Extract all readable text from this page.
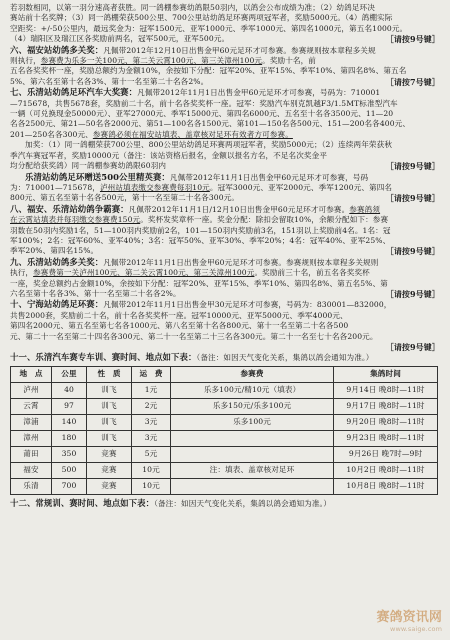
若羽数相同，以第一羽分速高者获胜。同一鸽棚参赛幼鸽限50羽内，以鸽会公布成绩为准；（2）幼鸽足环决

赛站前十名奖牌；（3）同一鸽棚荣获500公里、700公里站幼鸽足环赛两项冠军者，奖励5000元。（4）鸽棚实际

空距奖：+/-50公里内，最远奖金为：冠军1500元、亚军1000元、季军1000元、第四名1000元，第五名1000元。

（4）瑞阳区及瑞江区各奖励前两名，冠军500元，亚军500元。	［请按9号键］

六、福安站幼鸽多关奖：凡佩带2012年12月10日出售金甲60元足环才可参赛。参赛规则按本章程多关规

则执行，参赛费为乐多一关100元、第二关云霄100元、第三关漳州100元。奖励十名，前

五名各奖奖杯一座，奖励总额约为金额10%，余按如下分配：冠军20%、亚军15%、季军10%、第四名8%、第五名

5%、第六名至第十名各3%、第十一名至第二十名各2%。	［请按7号键］

七、乐清站幼鸽足环汽车大奖赛：凡佩带2012年11月1日出售金甲60元足环才可参赛，号码为：710001

—715678，共售5678套，奖励前二十名，前十名各奖奖杯一座。冠军：奖励汽车别克凯越F3/1.5MT标准型汽车

一辆（可兑换现金50000元）、亚军27000元、季军15000元、第四名6000元、五名至十名各3500元、11—20

名各2500元、第21—50名各2000元、第51—100名各1500元、第101—150名各500元、151—200名各400元、

201—250名各300元、参赛鸽必须在福安站填表、盖章核对足环有效者方可参赛。

加奖：（1）同一鸽棚荣获700公里、800公里站幼鸽足环赛两项冠军者，奖励5000元；（2）连续两年荣获秋

季汽车赛冠军者，奖励10000元（备注：该站资格后报名，金额以报名方名，不足名次奖金平

均分配给获奖鸽）同一鸽棚参赛幼鸽限60羽内	［请按9号键］

乐清站幼鸽足环赠送500公里精英赛：凡佩带2012年11月1日出售金甲60元足环才可参赛，号码

为：710001—715678，泸州站填表缴交参赛费每羽10元。冠军3000元、亚军2000元、季军1200元、第四名

800元、第五名至第十名各500元，第十一名至第二十名各300元。	［请按9号键］

八、福安、乐清站幼鸽争霸赛：凡佩带2012年11月1日/12月10日出售金甲60元足环才可参赛。参赛鸽须

在云霄站填表并每羽缴交参赛费150元。奖杯发奖章杯一座。奖金分配：除扣会留取10%，余额分配如下：参赛

羽数在50羽内奖励1名，51—100羽内奖励前2名，101—150羽内奖励前3名，151羽以上奖励前4名。1名：冠

军100%；2名：冠军60%、亚军40%；3名：冠军50%、亚军30%、季军20%；4名：冠军40%、亚军25%、

季军20%、第四名15%。	［请按9号键］

九、乐清站幼鸽多关奖：凡佩带2012年11月1日出售金甲60元足环才可参赛。参赛规则按本章程多关规则

执行，参赛费第一关泸州100元、第二关云霄100元、第三关漳州100元。奖励前三十名，前五名各奖奖杯

一座，奖金总额约占金额10%，余按如下分配：冠军20%、亚军15%、季军10%、第四名8%、第五名5%、第

六名至第十名各3%、第十一名至第二十名各2%。	［请按9号键］

十、宁海站幼鸽足环赛：凡佩带2012年11月1日出售金甲30元足环才可参赛，号码为：830001—832000，

共售2000套，奖励前二十名，前十名各奖奖杯一座。冠军10000元、亚军5000元、季军4000元、

第四名2000元、第五名至第七名各1000元、第八名至第十名各800元、第十一名至第二十名各500

元、第二十一名至第二十四名各300元、第二十一名至第二十三名各300元。第二十一名至七十名各200元。

［请按9号键］

十一、乐清汽车赛专车训、赛时间、地点如下表：（备注：如因天气变化关系，集鸽以鸽会通知为准。）

地　点	公里	性　质	运　费	参赛费	集鸽时间
泸州	40	训飞	1元	乐多100元/精10元（填表）	9月14日 晚8时—11时
云霄	97	训飞	2元	乐多150元/乐多100元	9月17日 晚8时—11时
漳浦	140	训飞	3元	乐多100元	9月20日 晚8时—11时
漳州	180	训飞	3元		9月23日 晚8时—11时
莆田	350	竞赛	5元		9月26日 晚7时—9时
福安	500	竞赛	10元	注：填表、盖章核对足环	10月2日 晚8时—11时
乐清	700	竞赛	10元		10月8日 晚8时—11时

十二、常规训、赛时间、地点如下表：（备注：如因天气变化关系，集鸽以鸽会通知为准。）

赛鸽资讯网
www.saige.com
